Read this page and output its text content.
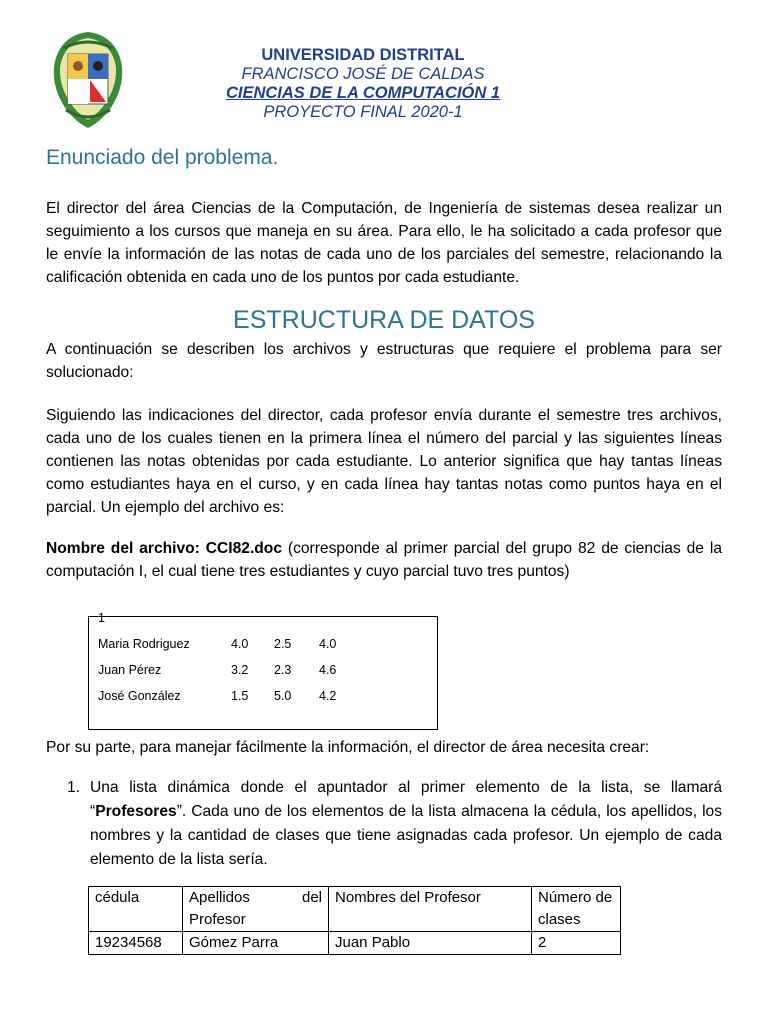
UNIVERSIDAD DISTRITAL
FRANCISCO JOSÉ DE CALDAS
CIENCIAS DE LA COMPUTACIÓN 1
PROYECTO FINAL 2020-1
Enunciado del problema.
El director del área Ciencias de la Computación, de Ingeniería de sistemas desea realizar un seguimiento a los cursos que maneja en su área. Para ello, le ha solicitado a cada profesor que le envíe la información de las notas de cada uno de los parciales del semestre, relacionando la calificación obtenida en cada uno de los puntos por cada estudiante.
ESTRUCTURA DE DATOS
A continuación se describen los archivos y estructuras que requiere el problema para ser solucionado:
Siguiendo las indicaciones del director, cada profesor envía durante el semestre tres archivos, cada uno de los cuales tienen en la primera línea el número del parcial y las siguientes líneas contienen las notas obtenidas por cada estudiante. Lo anterior significa que hay tantas líneas como estudiantes haya en el curso, y en cada línea hay tantas notas como puntos haya en el parcial. Un ejemplo del archivo es:
Nombre del archivo: CCI82.doc (corresponde al primer parcial del grupo 82 de ciencias de la computación I, el cual tiene tres estudiantes y cuyo parcial tuvo tres puntos)
1
Maria Rodriguez	4.0 2.5 4.0
Juan Pérez	3.2 2.3 4.6
José González	1.5 5.0 4.2
Por su parte, para manejar fácilmente la información, el director de área necesita crear:
1. Una lista dinámica donde el apuntador al primer elemento de la lista, se llamará “Profesores”. Cada uno de los elementos de la lista almacena la cédula, los apellidos, los nombres y la cantidad de clases que tiene asignadas cada profesor. Un ejemplo de cada elemento de la lista sería.
cédula	Apellidos del Profesor	Nombres del Profesor	Número de clases
19234568	Gómez Parra	Juan Pablo	2
